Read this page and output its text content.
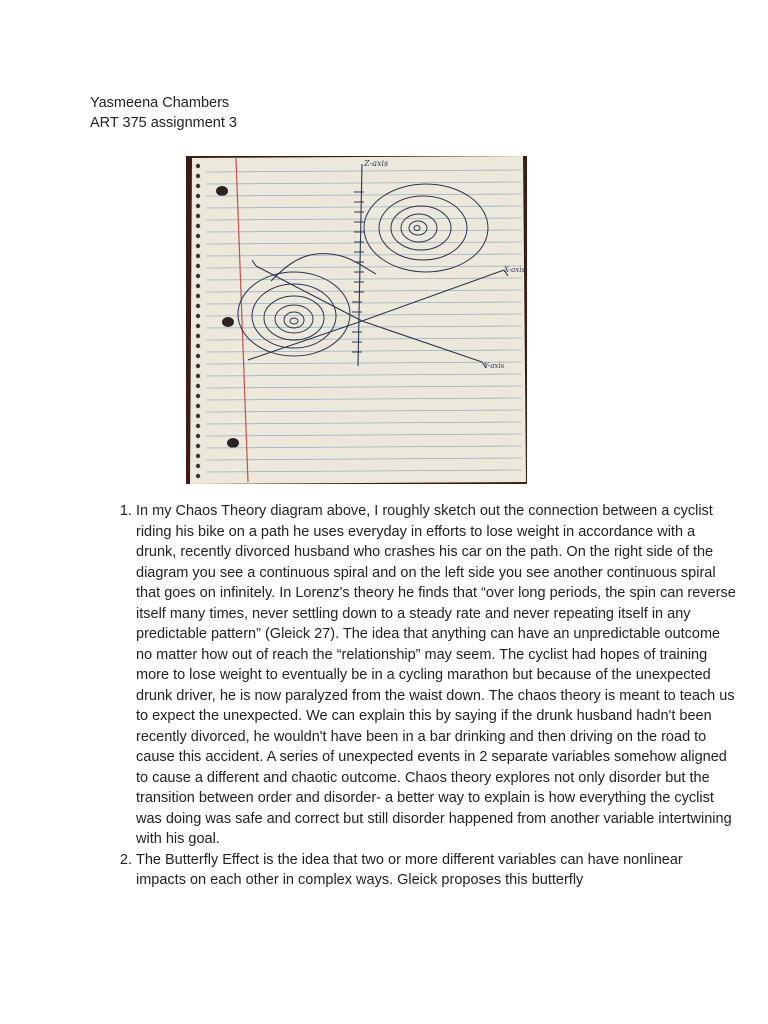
Yasmeena Chambers
ART 375 assignment 3
Z-axis
X-axis
Y-axis
1. In my Chaos Theory diagram above, I roughly sketch out the connection between a cyclist riding his bike on a path he uses everyday in efforts to lose weight in accordance with a drunk, recently divorced husband who crashes his car on the path. On the right side of the diagram you see a continuous spiral and on the left side you see another continuous spiral that goes on infinitely. In Lorenz's theory he finds that “over long periods, the spin can reverse itself many times, never settling down to a steady rate and never repeating itself in any predictable pattern” (Gleick 27). The idea that anything can have an unpredictable outcome no matter how out of reach the “relationship” may seem. The cyclist had hopes of training more to lose weight to eventually be in a cycling marathon but because of the unexpected drunk driver, he is now paralyzed from the waist down. The chaos theory is meant to teach us to expect the unexpected. We can explain this by saying if the drunk husband hadn't been recently divorced, he wouldn't have been in a bar drinking and then driving on the road to cause this accident. A series of unexpected events in 2 separate variables somehow aligned to cause a different and chaotic outcome. Chaos theory explores not only disorder but the transition between order and disorder- a better way to explain is how everything the cyclist was doing was safe and correct but still disorder happened from another variable intertwining with his goal.
2. The Butterfly Effect is the idea that two or more different variables can have nonlinear impacts on each other in complex ways. Gleick proposes this butterfly
